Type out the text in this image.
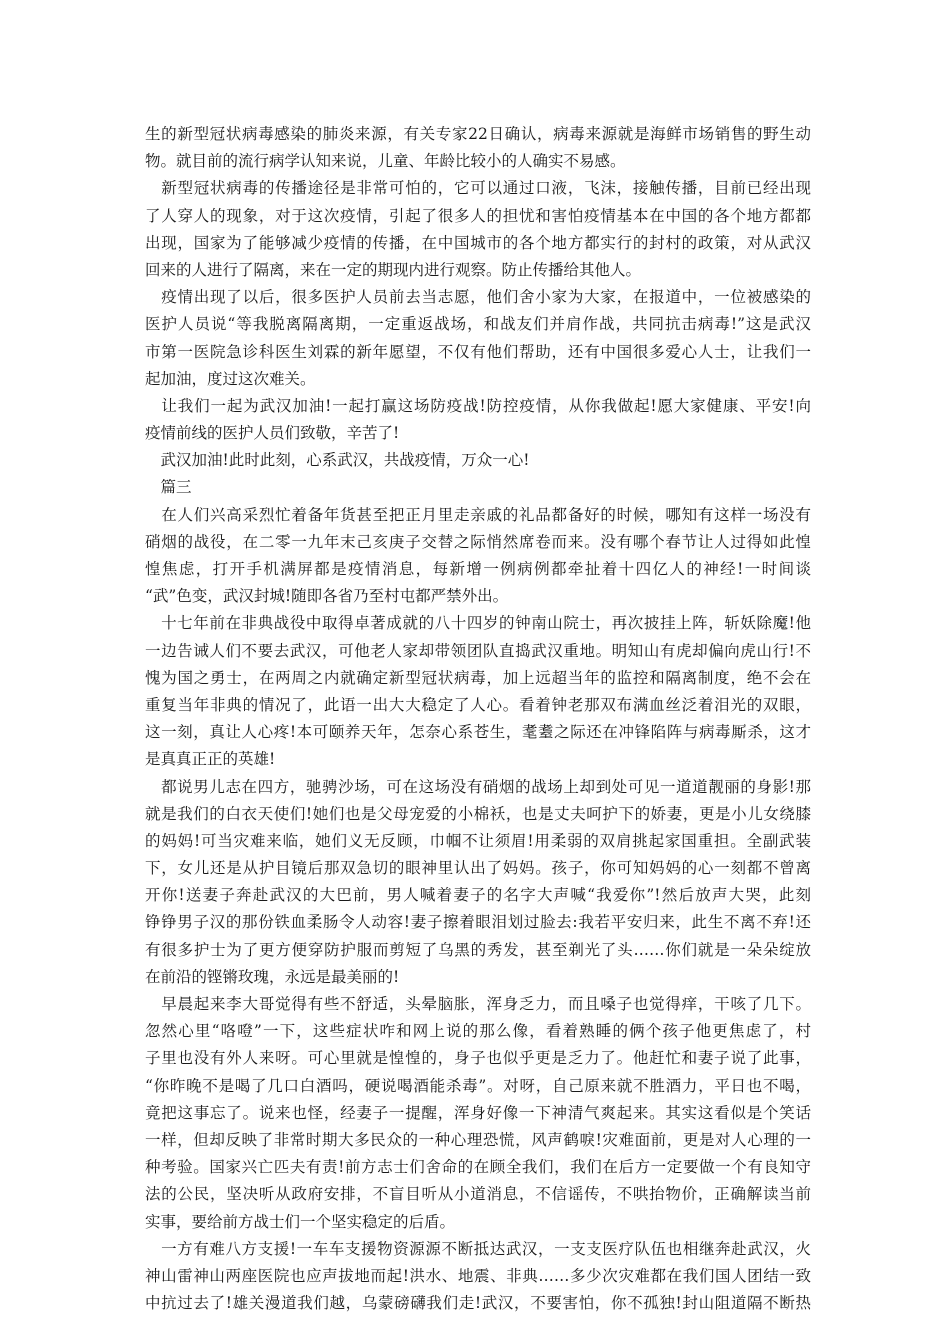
生的新型冠状病毒感染的肺炎来源，有关专家22日确认，病毒来源就是海鲜市场销售的野生动
物。就目前的流行病学认知来说，儿童、年龄比较小的人确实不易感。
　新型冠状病毒的传播途径是非常可怕的，它可以通过口液，飞沫，接触传播，目前已经出现
了人穿人的现象，对于这次疫情，引起了很多人的担忧和害怕疫情基本在中国的各个地方都都
出现，国家为了能够减少疫情的传播，在中国城市的各个地方都实行的封村的政策，对从武汉
回来的人进行了隔离，来在一定的期现内进行观察。防止传播给其他人。
　疫情出现了以后，很多医护人员前去当志愿，他们舍小家为大家，在报道中，一位被感染的
医护人员说“等我脱离隔离期，一定重返战场，和战友们并肩作战，共同抗击病毒!”这是武汉
市第一医院急诊科医生刘霖的新年愿望，不仅有他们帮助，还有中国很多爱心人士，让我们一
起加油，度过这次难关。
　让我们一起为武汉加油!一起打赢这场防疫战!防控疫情，从你我做起!愿大家健康、平安!向
疫情前线的医护人员们致敬，辛苦了!
　武汉加油!此时此刻，心系武汉，共战疫情，万众一心!
　篇三
　在人们兴高采烈忙着备年货甚至把正月里走亲戚的礼品都备好的时候，哪知有这样一场没有
硝烟的战役，在二零一九年末己亥庚子交替之际悄然席卷而来。没有哪个春节让人过得如此惶
惶焦虑，打开手机满屏都是疫情消息，每新增一例病例都牵扯着十四亿人的神经!一时间谈
“武”色变，武汉封城!随即各省乃至村屯都严禁外出。
　十七年前在非典战役中取得卓著成就的八十四岁的钟南山院士，再次披挂上阵，斩妖除魔!他
一边告诫人们不要去武汉，可他老人家却带领团队直捣武汉重地。明知山有虎却偏向虎山行!不
愧为国之勇士，在两周之内就确定新型冠状病毒，加上远超当年的监控和隔离制度，绝不会在
重复当年非典的情况了，此语一出大大稳定了人心。看着钟老那双布满血丝泛着泪光的双眼，
这一刻，真让人心疼!本可颐养天年，怎奈心系苍生，耄耋之际还在冲锋陷阵与病毒厮杀，这才
是真真正正的英雄!
　都说男儿志在四方，驰骋沙场，可在这场没有硝烟的战场上却到处可见一道道靓丽的身影!那
就是我们的白衣天使们!她们也是父母宠爱的小棉袄，也是丈夫呵护下的娇妻，更是小儿女绕膝
的妈妈!可当灾难来临，她们义无反顾，巾帼不让须眉!用柔弱的双肩挑起家国重担。全副武装
下，女儿还是从护目镜后那双急切的眼神里认出了妈妈。孩子，你可知妈妈的心一刻都不曾离
开你!送妻子奔赴武汉的大巴前，男人喊着妻子的名字大声喊“我爱你”!然后放声大哭，此刻
铮铮男子汉的那份铁血柔肠令人动容!妻子擦着眼泪划过脸去:我若平安归来，此生不离不弃!还
有很多护士为了更方便穿防护服而剪短了乌黑的秀发，甚至剃光了头……你们就是一朵朵绽放
在前沿的铿锵玫瑰，永远是最美丽的!
　早晨起来李大哥觉得有些不舒适，头晕脑胀，浑身乏力，而且嗓子也觉得痒，干咳了几下。
忽然心里“咯噔”一下，这些症状咋和网上说的那么像，看着熟睡的俩个孩子他更焦虑了，村
子里也没有外人来呀。可心里就是惶惶的，身子也似乎更是乏力了。他赶忙和妻子说了此事，
“你昨晚不是喝了几口白酒吗，硬说喝酒能杀毒”。对呀，自己原来就不胜酒力，平日也不喝，
竟把这事忘了。说来也怪，经妻子一提醒，浑身好像一下神清气爽起来。其实这看似是个笑话
一样，但却反映了非常时期大多民众的一种心理恐慌，风声鹤唳!灾难面前，更是对人心理的一
种考验。国家兴亡匹夫有责!前方志士们舍命的在顾全我们，我们在后方一定要做一个有良知守
法的公民，坚决听从政府安排，不盲目听从小道消息，不信谣传，不哄抬物价，正确解读当前
实事，要给前方战士们一个坚实稳定的后盾。
　一方有难八方支援!一车车支援物资源源不断抵达武汉，一支支医疗队伍也相继奔赴武汉，火
神山雷神山两座医院也应声拔地而起!洪水、地震、非典……多少次灾难都在我们国人团结一致
中抗过去了!雄关漫道我们越，乌蒙磅礴我们走!武汉，不要害怕，你不孤独!封山阻道隔不断热
